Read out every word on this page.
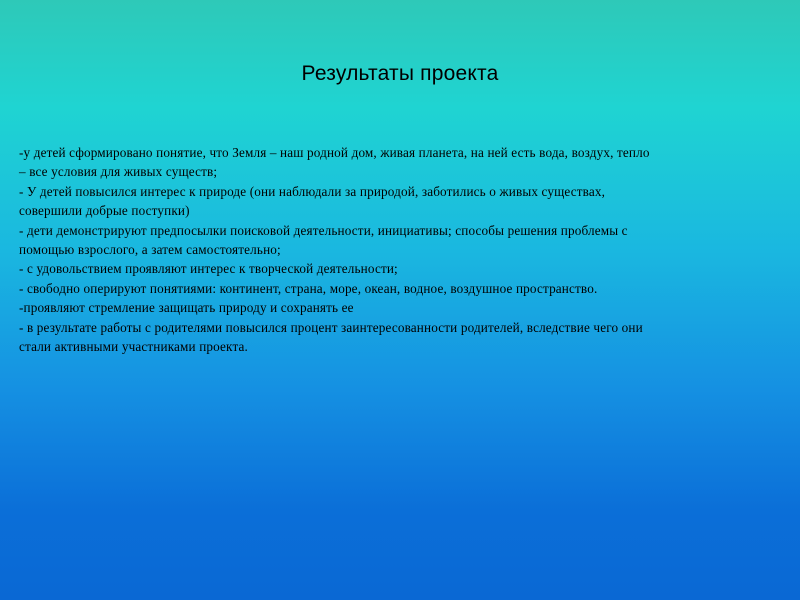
Результаты проекта
-у детей сформировано понятие, что Земля – наш родной дом, живая планета, на ней есть вода, воздух, тепло
– все условия для живых существ;
- У детей повысился интерес к природе (они наблюдали за природой, заботились о живых существах,
совершили добрые поступки)
- дети демонстрируют предпосылки поисковой деятельности, инициативы; способы решения проблемы с
помощью взрослого, а затем самостоятельно;
- с удовольствием проявляют интерес к творческой деятельности;
- свободно оперируют понятиями: континент, страна, море, океан, водное, воздушное пространство.
-проявляют стремление защищать природу и сохранять ее
- в результате работы с родителями повысился процент заинтересованности родителей, вследствие чего они
стали активными участниками проекта.
